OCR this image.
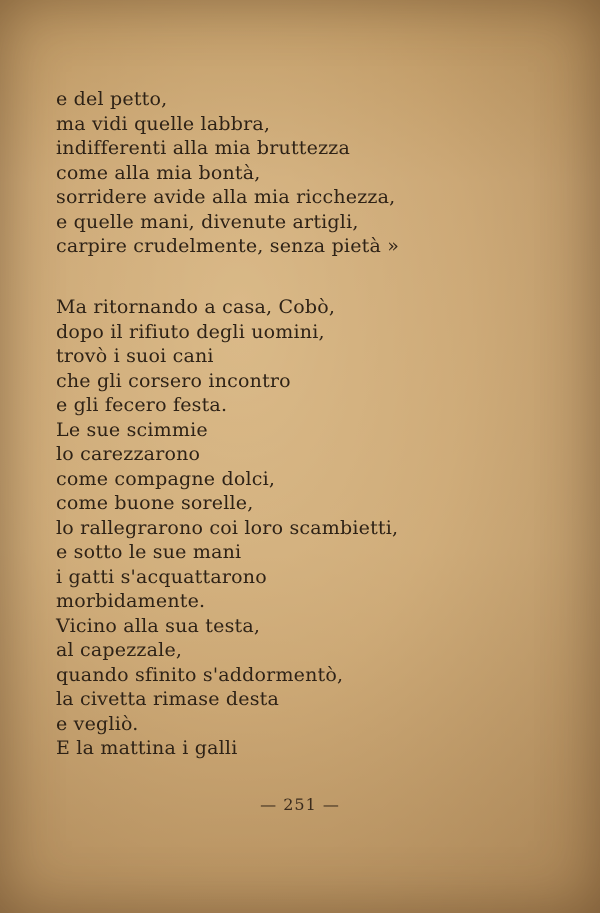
e del petto,
ma vidi quelle labbra,
indifferenti alla mia bruttezza
come alla mia bontà,
sorridere avide alla mia ricchezza,
e quelle mani, divenute artigli,
carpire crudelmente, senza pietà »
Ma ritornando a casa, Cobò,
dopo il rifiuto degli uomini,
trovò i suoi cani
che gli corsero incontro
e gli fecero festa.
Le sue scimmie
lo carezzarono
come compagne dolci,
come buone sorelle,
lo rallegrarono coi loro scambietti,
e sotto le sue mani
i gatti s'acquattarono
morbidamente.
Vicino alla sua testa,
al capezzale,
quando sfinito s'addormentò,
la civetta rimase desta
e vegliò.
E la mattina i galli
— 251 —
